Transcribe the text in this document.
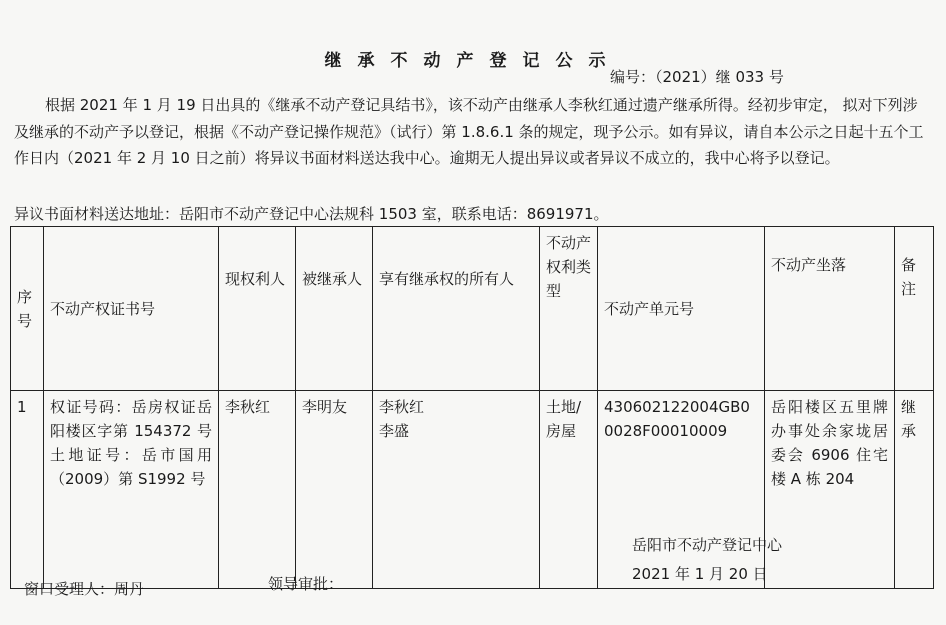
继承不动产登记公示
编号：（2021）继 033 号

根据 2021 年 1 月 19 日出具的《继承不动产登记具结书》，该不动产由继承人李秋红通过遗产继承所得。经初步审定， 拟对下列涉及继承的不动产予以登记，根据《不动产登记操作规范》（试行）第 1.8.6.1 条的规定，现予公示。如有异议，请自本公示之日起十五个工作日内（2021 年 2 月 10 日之前）将异议书面材料送达我中心。逾期无人提出异议或者异议不成立的，我中心将予以登记。

异议书面材料送达地址：岳阳市不动产登记中心法规科 1503 室，联系电话：8691971。
序号	不动产权证书号	现权利人	被继承人	享有继承权的所有人	不动产权利类型	不动产单元号	不动产坐落	备注
1	权证号码：岳房权证岳阳楼区字第 154372 号 土地证号：岳市国用（2009）第 S1992 号	李秋红	李明友	李秋红
李盛	土地/房屋	430602122004GB00028F00010009	岳阳楼区五里牌办事处余家垅居委会 6906 住宅楼 A 栋 204	继承
岳阳市不动产登记中心
2021 年 1 月 20 日
窗口受理人：周丹	领导审批：
